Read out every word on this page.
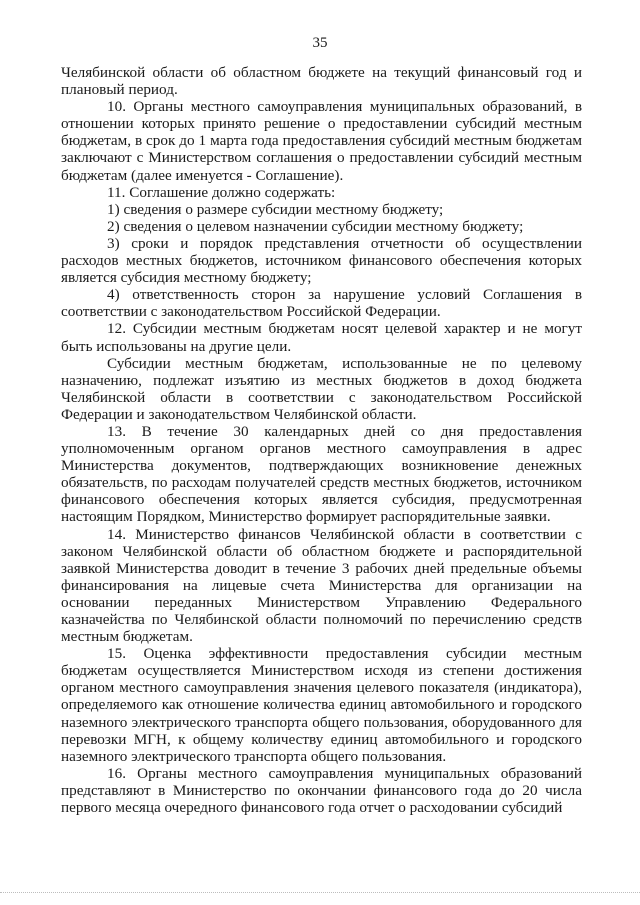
35

Челябинской области об областном бюджете на текущий финансовый год и плановый период.

10. Органы местного самоуправления муниципальных образований, в отношении которых принято решение о предоставлении субсидий местным бюджетам, в срок до 1 марта года предоставления субсидий местным бюджетам заключают с Министерством соглашения о предоставлении субсидий местным бюджетам (далее именуется - Соглашение).

11. Соглашение должно содержать:

1) сведения о размере субсидии местному бюджету;

2) сведения о целевом назначении субсидии местному бюджету;

3) сроки и порядок представления отчетности об осуществлении расходов местных бюджетов, источником финансового обеспечения которых является субсидия местному бюджету;

4) ответственность сторон за нарушение условий Соглашения в соответствии с законодательством Российской Федерации.

12. Субсидии местным бюджетам носят целевой характер и не могут быть использованы на другие цели.

Субсидии местным бюджетам, использованные не по целевому назначению, подлежат изъятию из местных бюджетов в доход бюджета Челябинской области в соответствии с законодательством Российской Федерации и законодательством Челябинской области.

13. В течение 30 календарных дней со дня предоставления уполномоченным органом органов местного самоуправления в адрес Министерства документов, подтверждающих возникновение денежных обязательств, по расходам получателей средств местных бюджетов, источником финансового обеспечения которых является субсидия, предусмотренная настоящим Порядком, Министерство формирует распорядительные заявки.

14. Министерство финансов Челябинской области в соответствии с законом Челябинской области об областном бюджете и распорядительной заявкой Министерства доводит в течение 3 рабочих дней предельные объемы финансирования на лицевые счета Министерства для организации на основании переданных Министерством Управлению Федерального казначейства по Челябинской области полномочий по перечислению средств местным бюджетам.

15. Оценка эффективности предоставления субсидии местным бюджетам осуществляется Министерством исходя из степени достижения органом местного самоуправления значения целевого показателя (индикатора), определяемого как отношение количества единиц автомобильного и городского наземного электрического транспорта общего пользования, оборудованного для перевозки МГН, к общему количеству единиц автомобильного и городского наземного электрического транспорта общего пользования.

16. Органы местного самоуправления муниципальных образований представляют в Министерство по окончании финансового года до 20 числа первого месяца очередного финансового года отчет о расходовании субсидий
